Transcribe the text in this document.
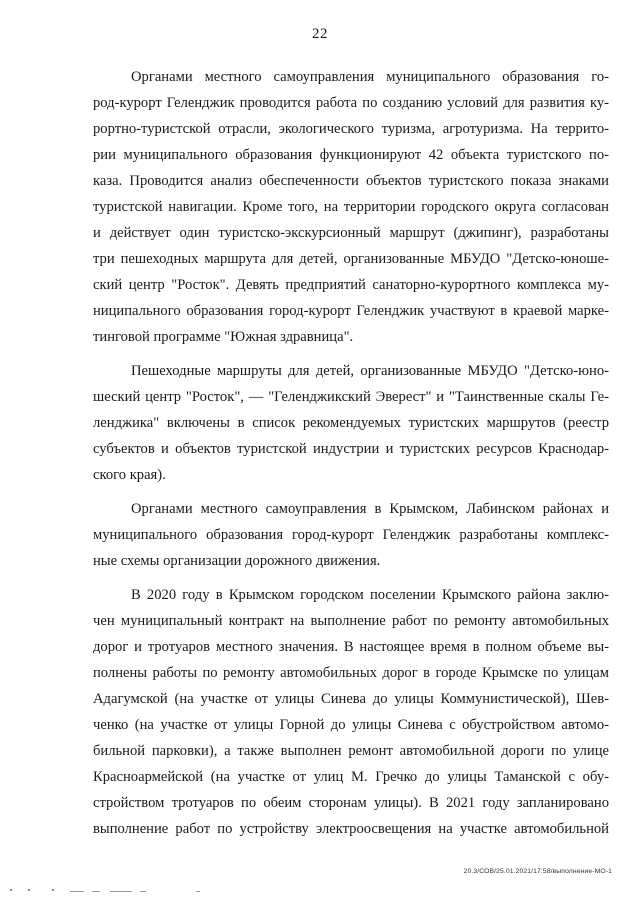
22
Органами местного самоуправления муниципального образования го-
род-курорт Геленджик проводится работа по созданию условий для развития ку-
рортно-туристской отрасли, экологического туризма, агротуризма. На террито-
рии муниципального образования функционируют 42 объекта туристского по-
каза. Проводится анализ обеспеченности объектов туристского показа знаками
туристской навигации. Кроме того, на территории городского округа согласован
и действует один туристско-экскурсионный маршрут (джипинг), разработаны
три пешеходных маршрута для детей, организованные МБУДО "Детско-юноше-
ский центр "Росток". Девять предприятий санаторно-курортного комплекса му-
ниципального образования город-курорт Геленджик участвуют в краевой марке-
тинговой программе "Южная здравница".
Пешеходные маршруты для детей, организованные МБУДО "Детско-юно-
шеский центр "Росток", — "Геленджикский Эверест" и "Таинственные скалы Ге-
ленджика" включены в список рекомендуемых туристских маршрутов (реестр
субъектов и объектов туристской индустрии и туристских ресурсов Краснодар-
ского края).
Органами местного самоуправления в Крымском, Лабинском районах и
муниципального образования город-курорт Геленджик разработаны комплекс-
ные схемы организации дорожного движения.
В 2020 году в Крымском городском поселении Крымского района заклю-
чен муниципальный контракт на выполнение работ по ремонту автомобильных
дорог и тротуаров местного значения. В настоящее время в полном объеме вы-
полнены работы по ремонту автомобильных дорог в городе Крымске по улицам
Адагумской (на участке от улицы Синева до улицы Коммунистической), Шев-
ченко (на участке от улицы Горной до улицы Синева с обустройством автомо-
бильной парковки), а также выполнен ремонт автомобильной дороги по улице
Красноармейской (на участке от улиц М. Гречко до улицы Таманской с обу-
стройством тротуаров по обеим сторонам улицы). В 2021 году запланировано
выполнение работ по устройству электроосвещения на участке автомобильной
20.3/СОВ/25.01.2021/17:58/выполнение-МО-1
